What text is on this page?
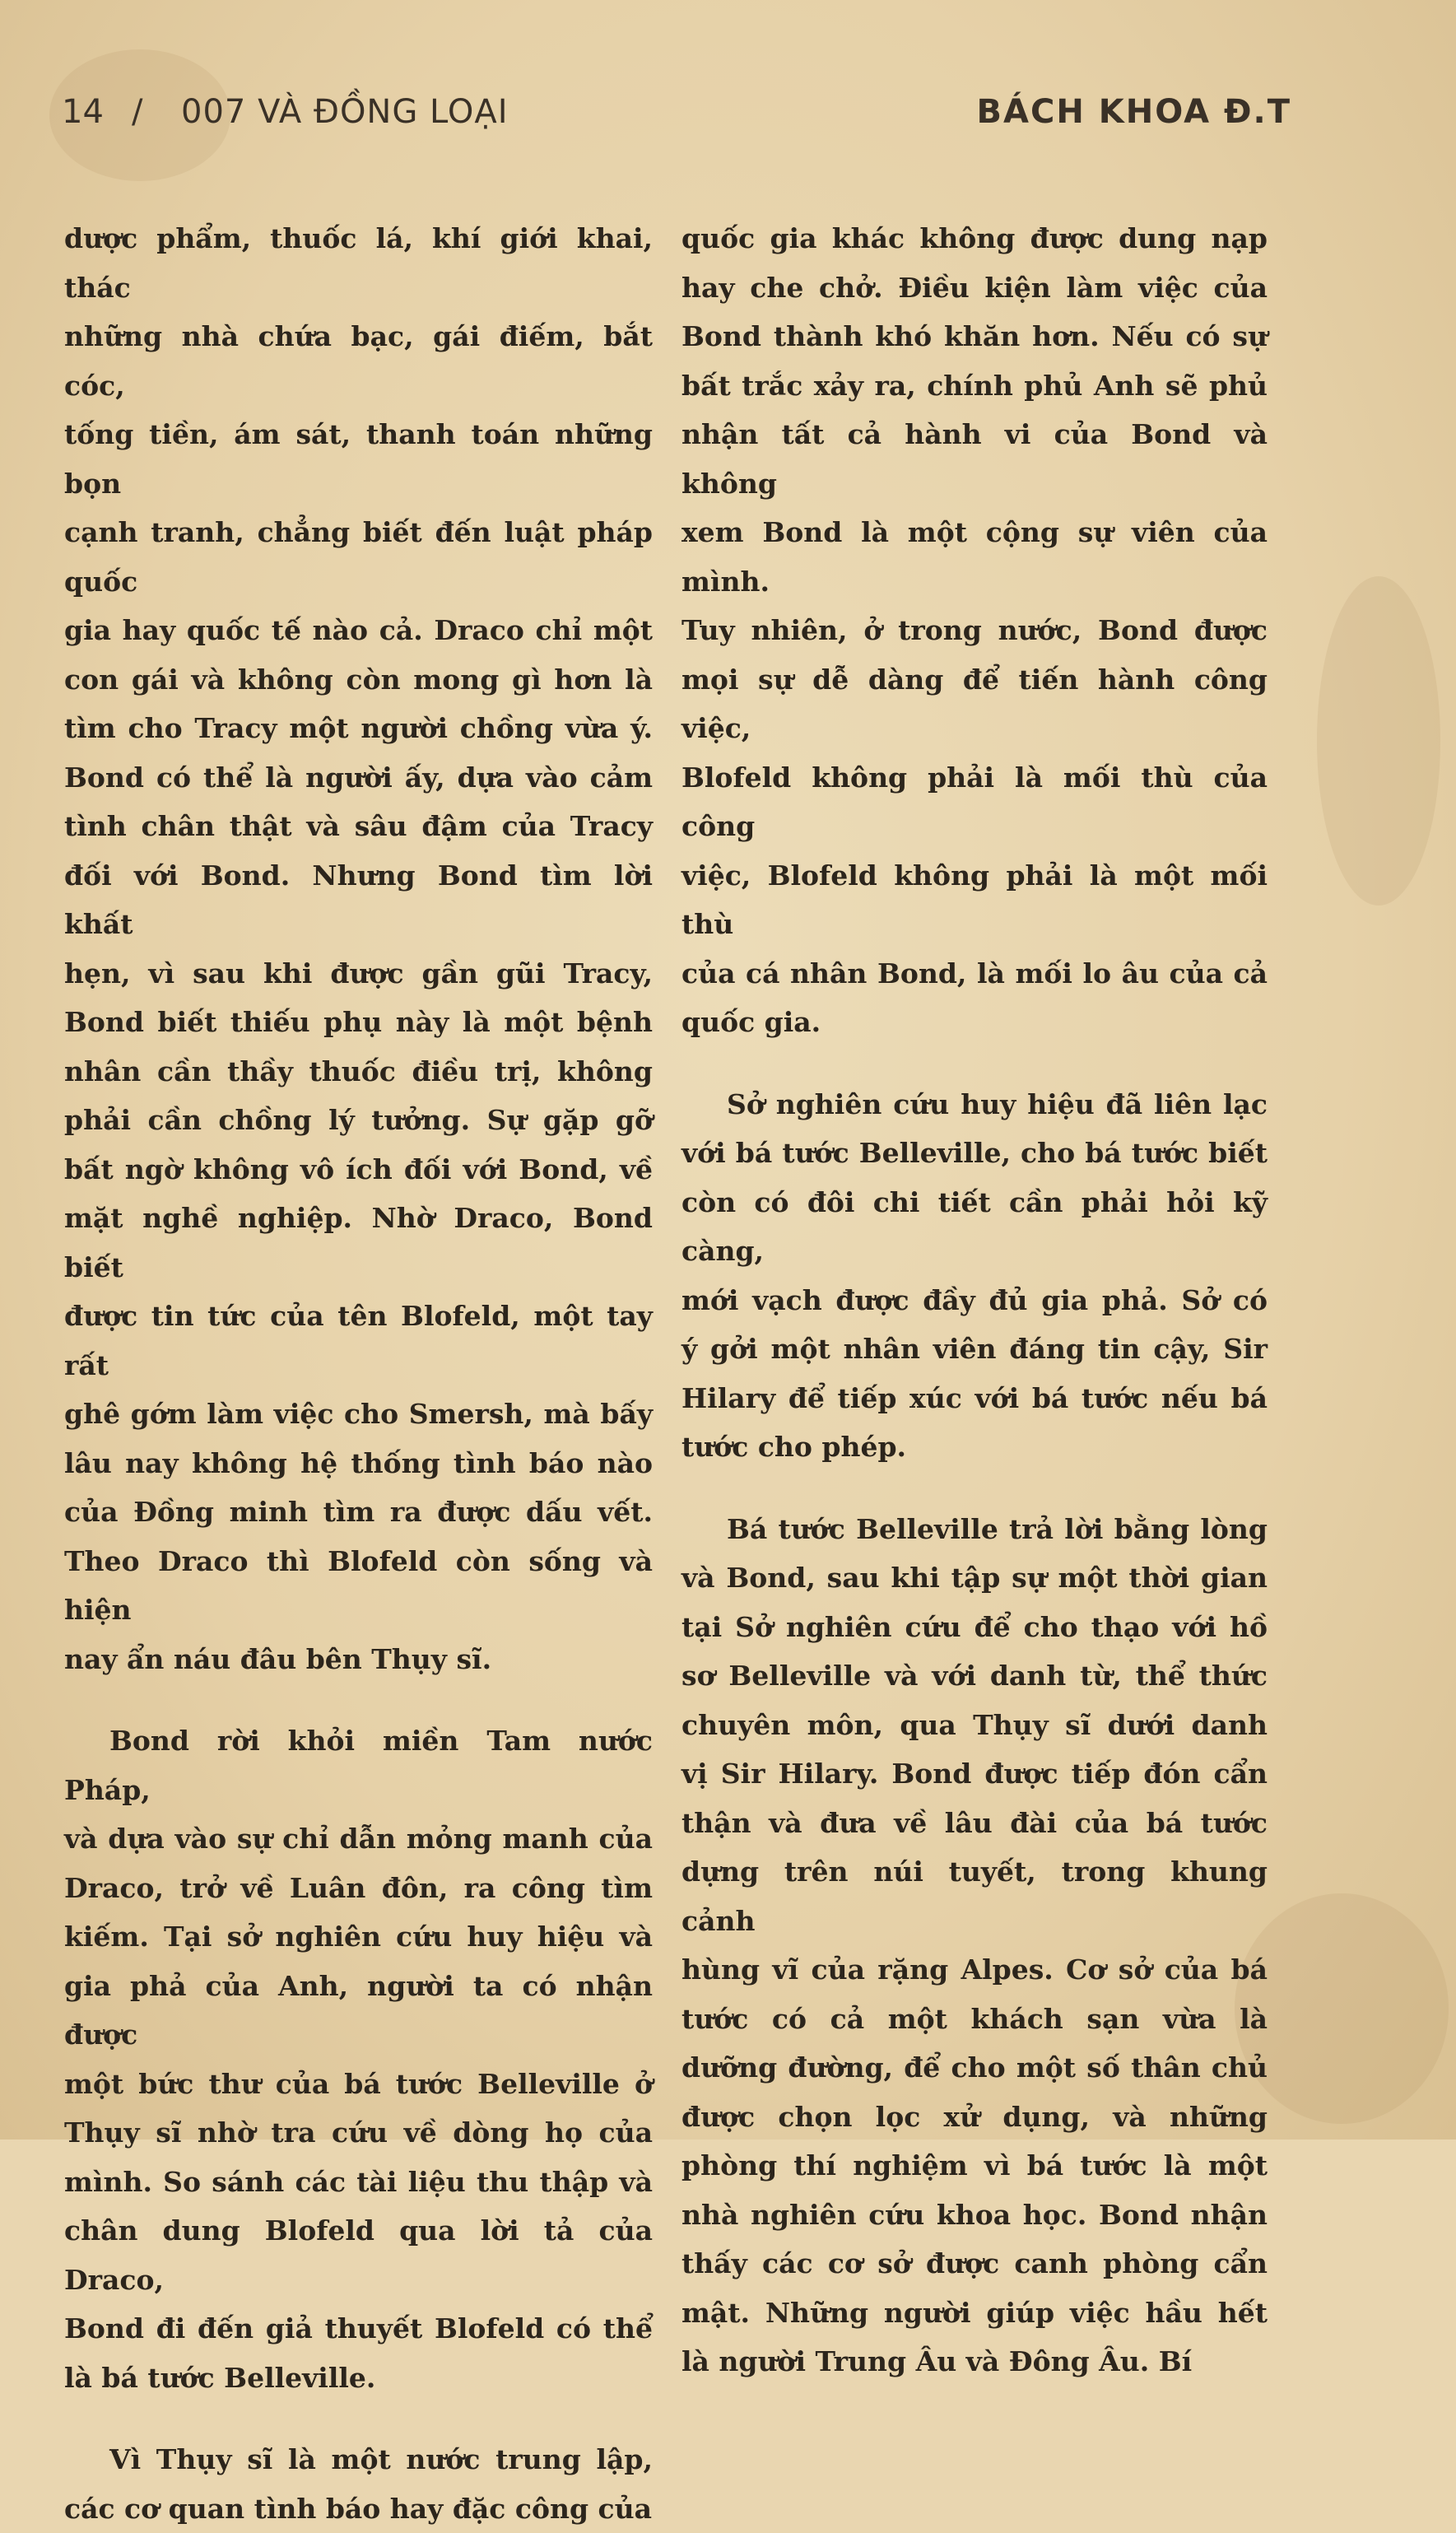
14 / 007 VÀ ĐỒNG LOẠI	BÁCH KHOA Đ.T

dược phẩm, thuốc lá, khí giới khai, thác
những nhà chứa bạc, gái điếm, bắt cóc,
tống tiền, ám sát, thanh toán những bọn
cạnh tranh, chẳng biết đến luật pháp quốc
gia hay quốc tế nào cả. Draco chỉ một
con gái và không còn mong gì hơn là
tìm cho Tracy một người chồng vừa ý.
Bond có thể là người ấy, dựa vào cảm
tình chân thật và sâu đậm của Tracy
đối với Bond. Nhưng Bond tìm lời khất
hẹn, vì sau khi được gần gũi Tracy,
Bond biết thiếu phụ này là một bệnh
nhân cần thầy thuốc điều trị, không
phải cần chồng lý tưởng. Sự gặp gỡ
bất ngờ không vô ích đối với Bond, về
mặt nghề nghiệp. Nhờ Draco, Bond biết
được tin tức của tên Blofeld, một tay rất
ghê gớm làm việc cho Smersh, mà bấy
lâu nay không hệ thống tình báo nào
của Đồng minh tìm ra được dấu vết.
Theo Draco thì Blofeld còn sống và hiện
nay ẩn náu đâu bên Thụy sĩ.

Bond rời khỏi miền Tam nước Pháp,
và dựa vào sự chỉ dẫn mỏng manh của
Draco, trở về Luân đôn, ra công tìm
kiếm. Tại sở nghiên cứu huy hiệu và
gia phả của Anh, người ta có nhận được
một bức thư của bá tước Belleville ở
Thụy sĩ nhờ tra cứu về dòng họ của
mình. So sánh các tài liệu thu thập và
chân dung Blofeld qua lời tả của Draco,
Bond đi đến giả thuyết Blofeld có thể
là bá tước Belleville.

Vì Thụy sĩ là một nước trung lập,
các cơ quan tình báo hay đặc công của

quốc gia khác không được dung nạp
hay che chở. Điều kiện làm việc của
Bond thành khó khăn hơn. Nếu có sự
bất trắc xảy ra, chính phủ Anh sẽ phủ
nhận tất cả hành vi của Bond và không
xem Bond là một cộng sự viên của mình.
Tuy nhiên, ở trong nước, Bond được
mọi sự dễ dàng để tiến hành công việc,
Blofeld không phải là mối thù của công
việc, Blofeld không phải là một mối thù
của cá nhân Bond, là mối lo âu của cả
quốc gia.

Sở nghiên cứu huy hiệu đã liên lạc
với bá tước Belleville, cho bá tước biết
còn có đôi chi tiết cần phải hỏi kỹ càng,
mới vạch được đầy đủ gia phả. Sở có
ý gởi một nhân viên đáng tin cậy, Sir
Hilary để tiếp xúc với bá tước nếu bá
tước cho phép.

Bá tước Belleville trả lời bằng lòng
và Bond, sau khi tập sự một thời gian
tại Sở nghiên cứu để cho thạo với hồ
sơ Belleville và với danh từ, thể thức
chuyên môn, qua Thụy sĩ dưới danh
vị Sir Hilary. Bond được tiếp đón cẩn
thận và đưa về lâu đài của bá tước
dựng trên núi tuyết, trong khung cảnh
hùng vĩ của rặng Alpes. Cơ sở của bá
tước có cả một khách sạn vừa là
dưỡng đường, để cho một số thân chủ
được chọn lọc xử dụng, và những
phòng thí nghiệm vì bá tước là một
nhà nghiên cứu khoa học. Bond nhận
thấy các cơ sở được canh phòng cẩn
mật. Những người giúp việc hầu hết
là người Trung Âu và Đông Âu. Bí
